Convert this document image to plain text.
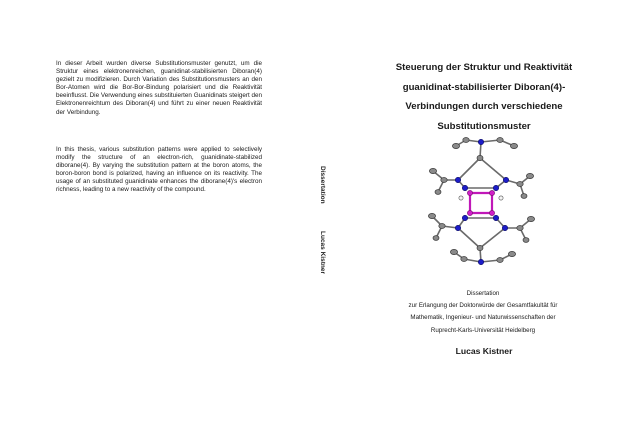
In dieser Arbeit wurden diverse Substitutionsmuster genutzt, um die Struktur eines elektronenreichen, guanidinat-stabilisierten Diboran(4) gezielt zu modifizieren. Durch Variation des Substitutionsmusters an den Bor-Atomen wird die Bor-Bor-Bindung polarisiert und die Reaktivität beeinflusst. Die Verwendung eines substituierten Guanidinats steigert den Elektronenreichtum des Diboran(4) und führt zu einer neuen Reaktivität der Verbindung.

In this thesis, various substitution patterns were applied to selectively modify the structure of an electron-rich, guanidinate-stabilized diborane(4). By varying the substitution pattern at the boron atoms, the boron-boron bond is polarized, having an influence on its reactivity. The usage of an substituted guanidinate enhances the diborane(4)'s electron richness, leading to a new reactivity of the compound.	Dissertation
Lucas Kistner
Steuerung der Struktur und Reaktivität
guanidinat-stabilisierter Diboran(4)-
Verbindungen durch verschiedene
Substitutionsmuster
Dissertation
zur Erlangung der Doktorwürde der Gesamtfakultät für
Mathematik, Ingenieur- und Naturwissenschaften der
Ruprecht-Karls-Universität Heidelberg
Lucas Kistner
